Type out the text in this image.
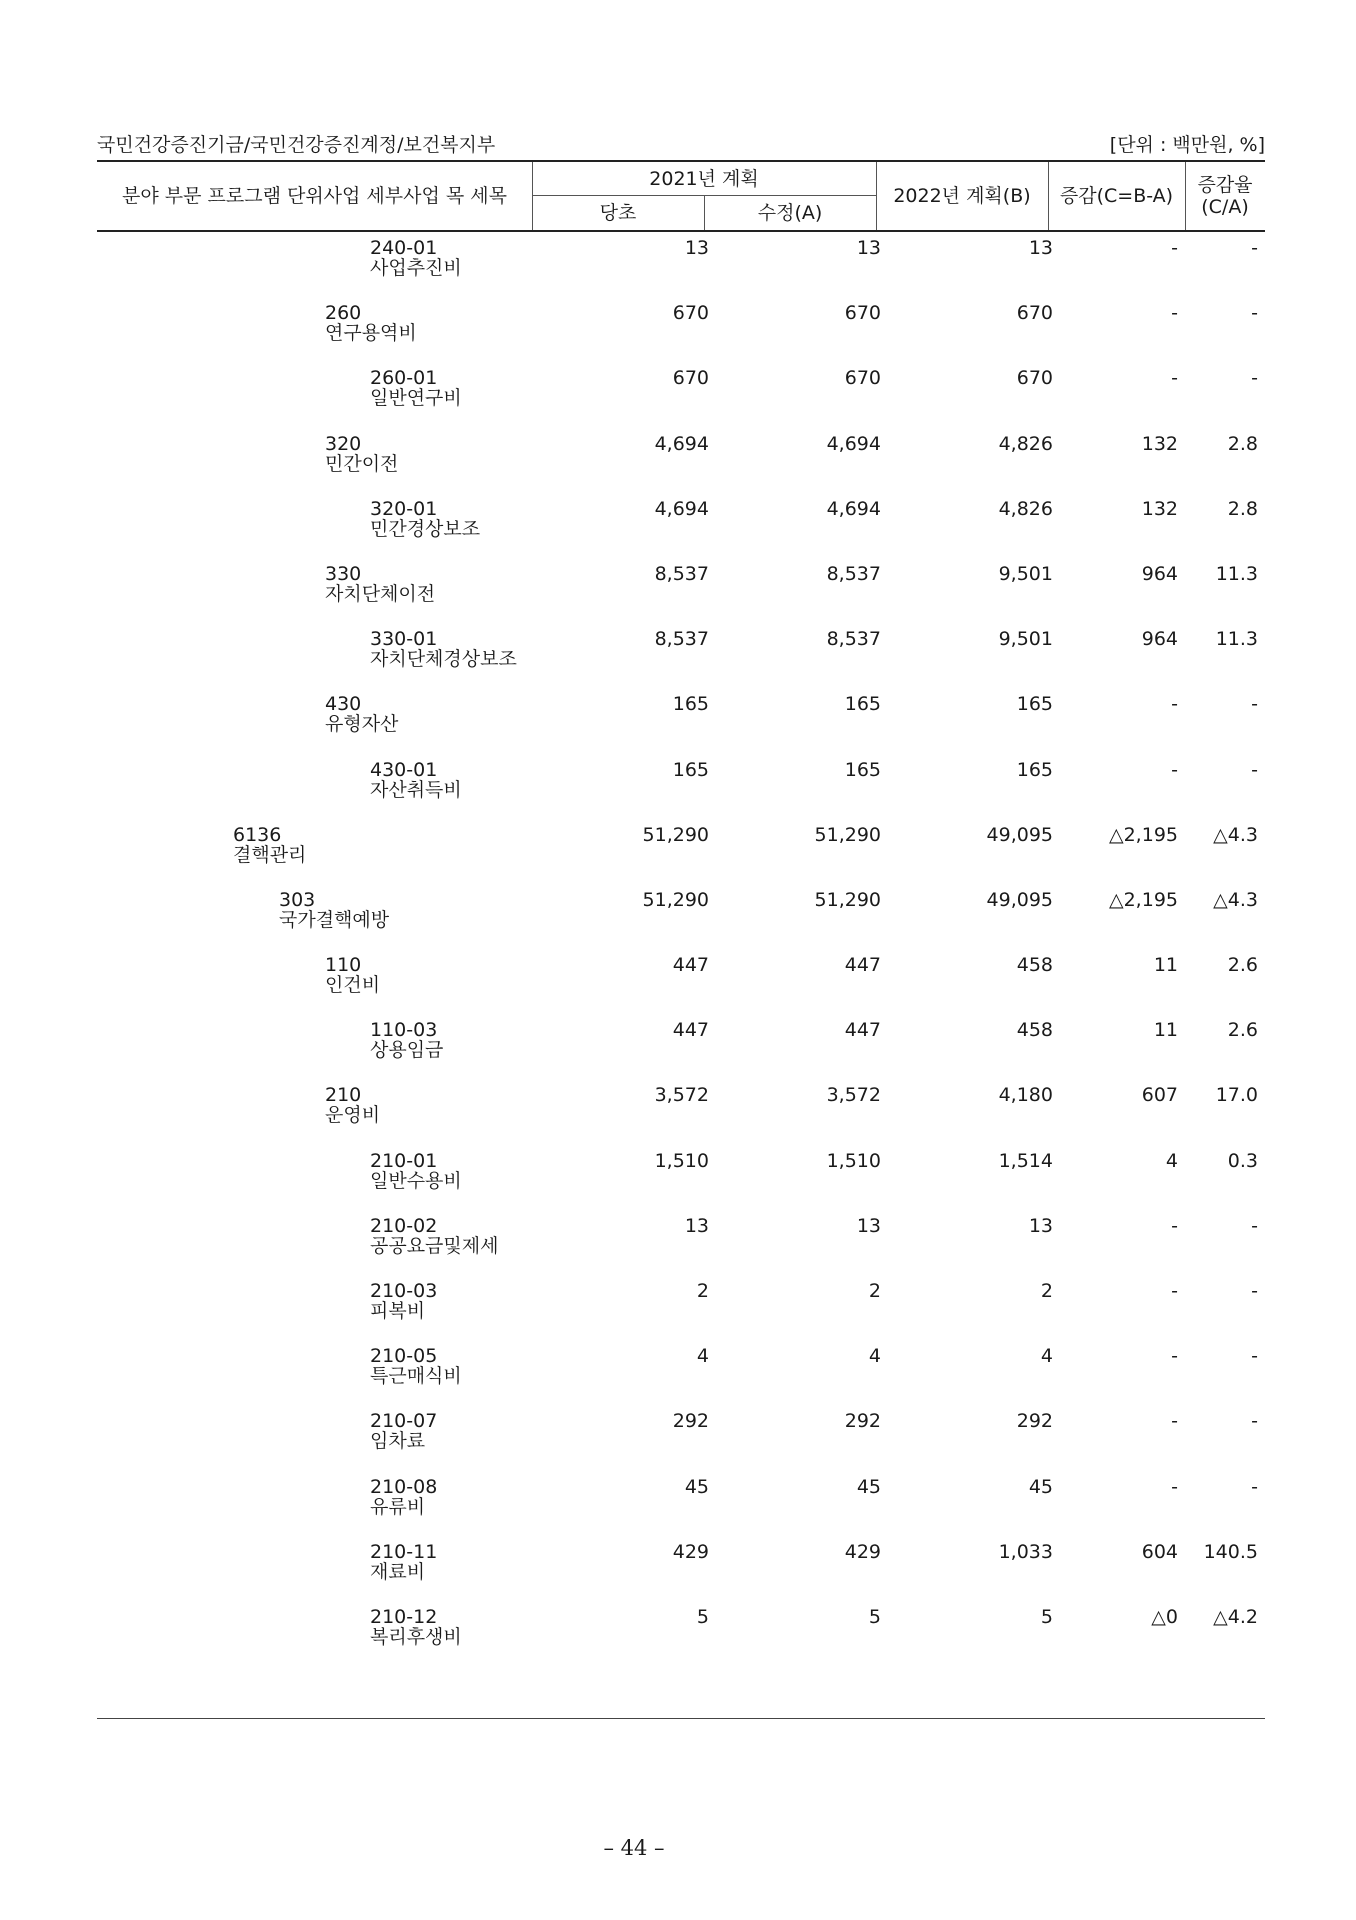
국민건강증진기금/국민건강증진계정/보건복지부	[단위 : 백만원, %]
분야 부문 프로그램 단위사업 세부사업 목 세목
2021년 계획
당초	수정(A)
2022년 계획(B)	증감(C=B-A)	증감율
(C/A)
240-01
사업추진비
13	13	13	-	-
260
연구용역비
670	670	670	-	-
260-01
일반연구비
670	670	670	-	-
320
민간이전
4,694	4,694	4,826	132	2.8
320-01
민간경상보조
4,694	4,694	4,826	132	2.8
330
자치단체이전
8,537	8,537	9,501	964 11.3
330-01
자치단체경상보조
8,537	8,537	9,501	964 11.3
430
유형자산
165	165	165	-	-
430-01
자산취득비
165	165	165	-	-
6136
결핵관리
51,290	51,290	49,095	△2,195 △4.3
303
국가결핵예방
51,290	51,290	49,095	△2,195 △4.3
110
인건비
447	447	458	11	2.6
110-03
상용임금
447	447	458	11	2.6
210
운영비
3,572	3,572	4,180	607 17.0
210-01
일반수용비
1,510	1,510	1,514	4	0.3
210-02
공공요금및제세
13	13	13	-	-
210-03
피복비
2	2	2	-	-
210-05
특근매식비
4	4	4	-	-
210-07
임차료
292	292	292	-	-
210-08
유류비
45	45	45	-	-
210-11
재료비
429	429	1,033	604 140.5
210-12
복리후생비
5	5	5	△0 △4.2
– 44 –
